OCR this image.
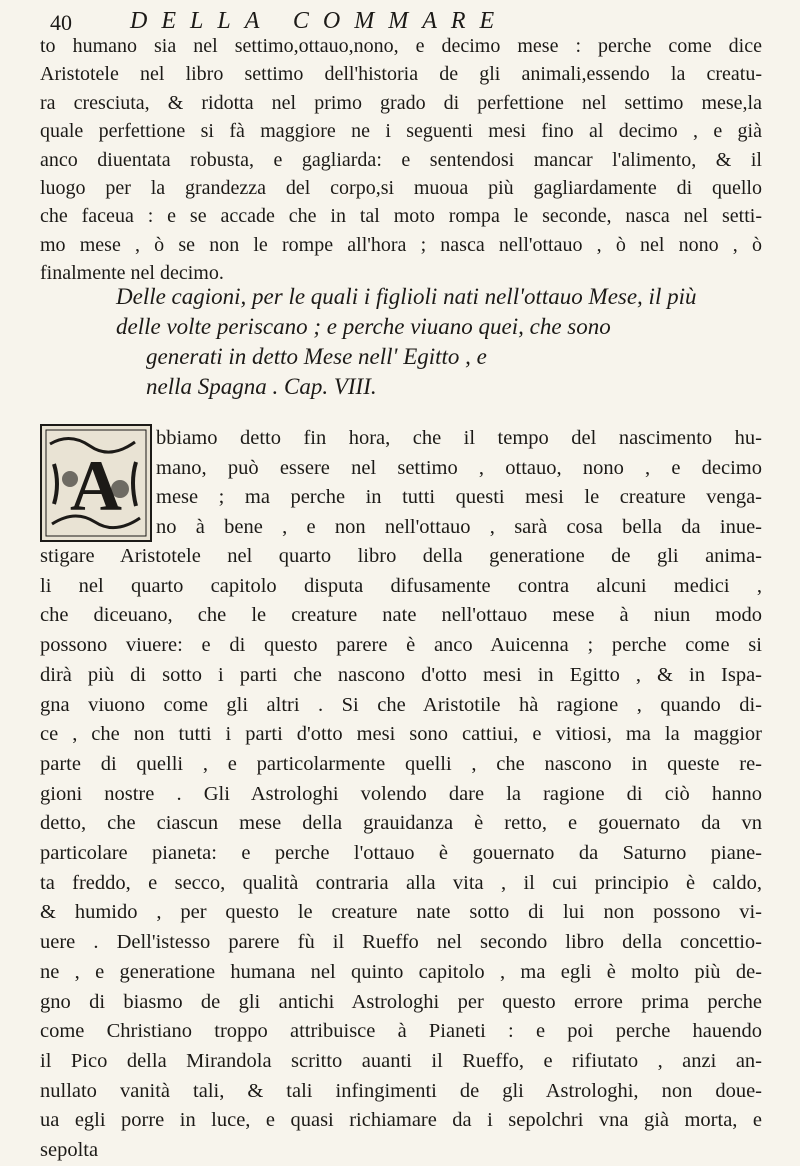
40 DELLA COMMARE

to humano sia nel settimo,ottauo,nono, e decimo mese : perche come dice
Aristotele nel libro settimo dell'historia de gli animali,essendo la creatu-
ra cresciuta, & ridotta nel primo grado di perfettione nel settimo mese,la
quale perfettione si fà maggiore ne i seguenti mesi fino al decimo , e già
anco diuentata robusta, e gagliarda: e sentendosi mancar l'alimento, & il
luogo per la grandezza del corpo,si muoua più gagliardamente di quello
che faceua : e se accade che in tal moto rompa le seconde, nasca nel setti-
mo mese , ò se non le rompe all'hora ; nasca nell'ottauo , ò nel nono , ò
finalmente nel decimo.

Delle cagioni, per le quali i figlioli nati nell'ottauo Mese, il più
delle volte periscano ; e perche viuano quei, che sono
generati in detto Mese nell' Egitto , e
nella Spagna . Cap. VIII.

A

bbiamo detto fin hora, che il tempo del nascimento hu-
mano, può essere nel settimo , ottauo, nono , e decimo
mese ; ma perche in tutti questi mesi le creature venga-
no à bene , e non nell'ottauo , sarà cosa bella da inue-

stigare Aristotele nel quarto libro della generatione de gli anima-
li nel quarto capitolo disputa difusamente contra alcuni medici ,
che diceuano, che le creature nate nell'ottauo mese à niun modo
possono viuere: e di questo parere è anco Auicenna ; perche come si
dirà più di sotto i parti che nascono d'otto mesi in Egitto , & in Ispa-
gna viuono come gli altri . Si che Aristotile hà ragione , quando di-
ce , che non tutti i parti d'otto mesi sono cattiui, e vitiosi, ma la maggior
parte di quelli , e particolarmente quelli , che nascono in queste re-
gioni nostre . Gli Astrologhi volendo dare la ragione di ciò hanno
detto, che ciascun mese della grauidanza è retto, e gouernato da vn
particolare pianeta: e perche l'ottauo è gouernato da Saturno piane-
ta freddo, e secco, qualità contraria alla vita , il cui principio è caldo,
& humido , per questo le creature nate sotto di lui non possono vi-
uere . Dell'istesso parere fù il Rueffo nel secondo libro della concettio-
ne , e generatione humana nel quinto capitolo , ma egli è molto più de-
gno di biasmo de gli antichi Astrologhi per questo errore prima perche
come Christiano troppo attribuisce à Pianeti : e poi perche hauendo
il Pico della Mirandola scritto auanti il Rueffo, e rifiutato , anzi an-
nullato vanità tali, & tali infingimenti de gli Astrologhi, non doue-
ua egli porre in luce, e quasi richiamare da i sepolchri vna già morta, e
sepolta
